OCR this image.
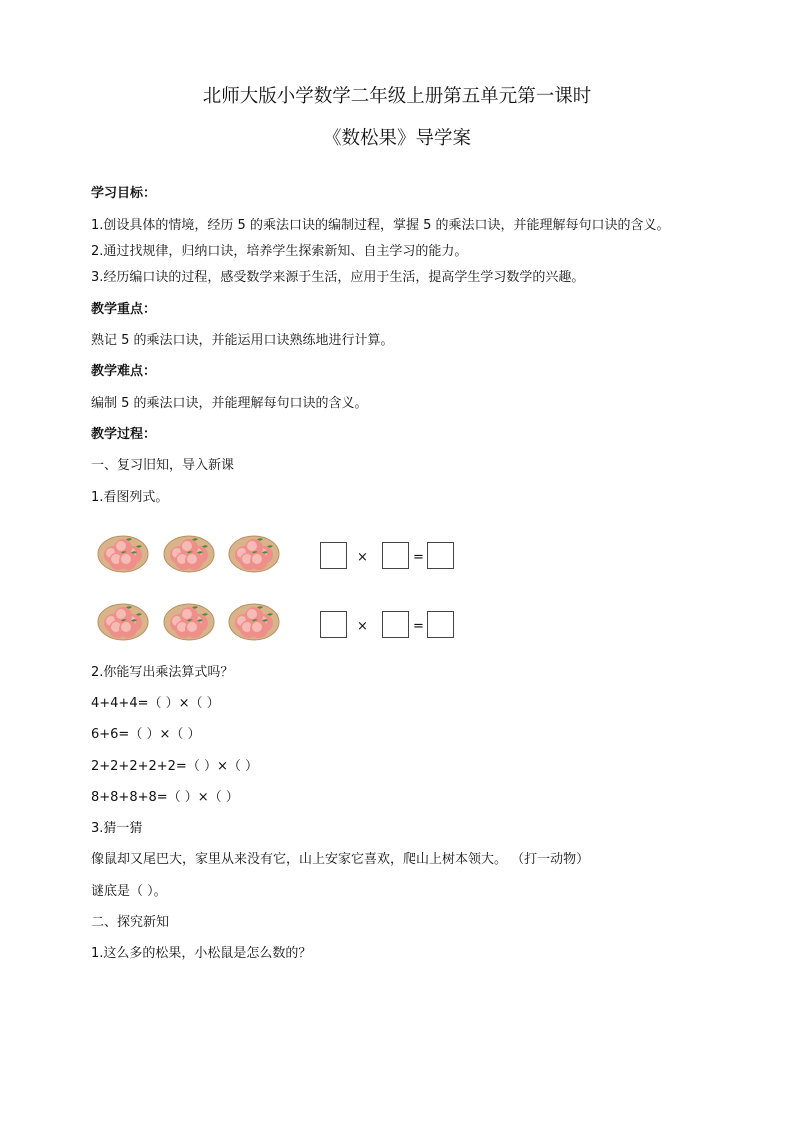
北师大版小学数学二年级上册第五单元第一课时
《数松果》导学案
学习目标：
1.创设具体的情境，经历 5 的乘法口诀的编制过程，掌握 5 的乘法口诀，并能理解每句口诀的含义。
2.通过找规律，归纳口诀，培养学生探索新知、自主学习的能力。
3.经历编口诀的过程，感受数学来源于生活，应用于生活，提高学生学习数学的兴趣。
教学重点：
熟记 5 的乘法口诀，并能运用口诀熟练地进行计算。
教学难点：
编制 5 的乘法口诀，并能理解每句口诀的含义。
教学过程：
一、复习旧知，导入新课
1.看图列式。
×	=
×	=
2.你能写出乘法算式吗？
4+4+4=（ ）×（ ）
6+6=（ ）×（ ）
2+2+2+2+2=（ ）×（ ）
8+8+8+8=（ ）×（ ）
3.猜一猜
像鼠却又尾巴大，家里从来没有它，山上安家它喜欢，爬山上树本领大。 （打一动物）
谜底是（ ）。
二、探究新知
1.这么多的松果，小松鼠是怎么数的？
